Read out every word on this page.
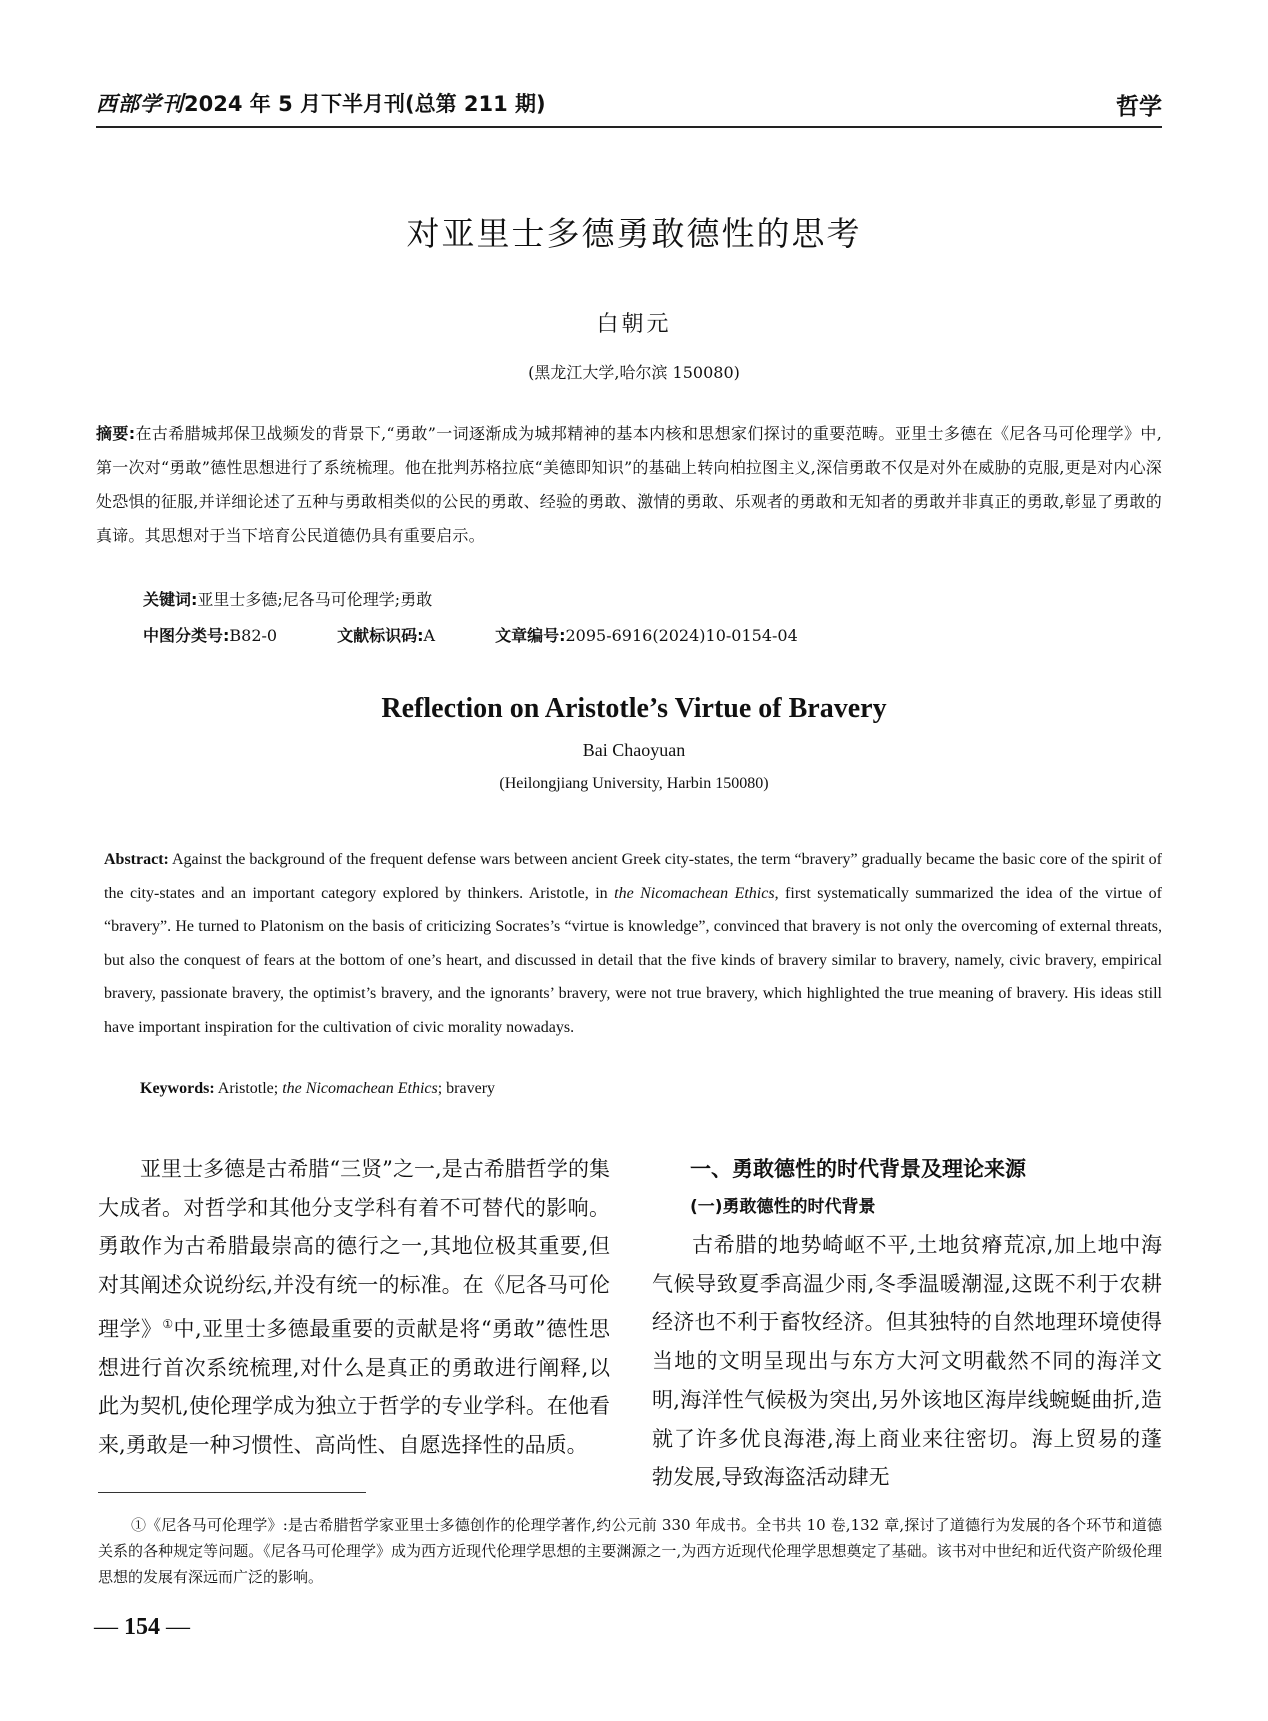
西部学刊2024 年 5 月下半月刊(总第 211 期)	哲学
对亚里士多德勇敢德性的思考
白朝元
(黑龙江大学,哈尔滨 150080)
摘要:在古希腊城邦保卫战频发的背景下,“勇敢”一词逐渐成为城邦精神的基本内核和思想家们探讨的重要范畴。亚里士多德在《尼各马可伦理学》中,第一次对“勇敢”德性思想进行了系统梳理。他在批判苏格拉底“美德即知识”的基础上转向柏拉图主义,深信勇敢不仅是对外在威胁的克服,更是对内心深处恐惧的征服,并详细论述了五种与勇敢相类似的公民的勇敢、经验的勇敢、激情的勇敢、乐观者的勇敢和无知者的勇敢并非真正的勇敢,彰显了勇敢的真谛。其思想对于当下培育公民道德仍具有重要启示。
关键词:亚里士多德;尼各马可伦理学;勇敢
中图分类号:B82-0	文献标识码:A	文章编号:2095-6916(2024)10-0154-04
Reflection on Aristotle’s Virtue of Bravery
Bai Chaoyuan
(Heilongjiang University, Harbin 150080)
Abstract: Against the background of the frequent defense wars between ancient Greek city-states, the term “bravery” gradually became the basic core of the spirit of the city-states and an important category explored by thinkers. Aristotle, in the Nicomachean Ethics, first systematically summarized the idea of the virtue of “bravery”. He turned to Platonism on the basis of criticizing Socrates’s “virtue is knowledge”, convinced that bravery is not only the overcoming of external threats, but also the conquest of fears at the bottom of one’s heart, and discussed in detail that the five kinds of bravery similar to bravery, namely, civic bravery, empirical bravery, passionate bravery, the optimist’s bravery, and the ignorants’ bravery, were not true bravery, which highlighted the true meaning of bravery. His ideas still have important inspiration for the cultivation of civic morality nowadays.
Keywords: Aristotle; the Nicomachean Ethics; bravery

亚里士多德是古希腊“三贤”之一,是古希腊哲学的集大成者。对哲学和其他分支学科有着不可替代的影响。勇敢作为古希腊最崇高的德行之一,其地位极其重要,但对其阐述众说纷纭,并没有统一的标准。在《尼各马可伦理学》①中,亚里士多德最重要的贡献是将“勇敢”德性思想进行首次系统梳理,对什么是真正的勇敢进行阐释,以此为契机,使伦理学成为独立于哲学的专业学科。在他看来,勇敢是一种习惯性、高尚性、自愿选择性的品质。

一、勇敢德性的时代背景及理论来源
(一)勇敢德性的时代背景

古希腊的地势崎岖不平,土地贫瘠荒凉,加上地中海气候导致夏季高温少雨,冬季温暖潮湿,这既不利于农耕经济也不利于畜牧经济。但其独特的自然地理环境使得当地的文明呈现出与东方大河文明截然不同的海洋文明,海洋性气候极为突出,另外该地区海岸线蜿蜒曲折,造就了许多优良海港,海上商业来往密切。海上贸易的蓬勃发展,导致海盗活动肆无

①《尼各马可伦理学》:是古希腊哲学家亚里士多德创作的伦理学著作,约公元前 330 年成书。全书共 10 卷,132 章,探讨了道德行为发展的各个环节和道德关系的各种规定等问题。《尼各马可伦理学》成为西方近现代伦理学思想的主要渊源之一,为西方近现代伦理学思想奠定了基础。该书对中世纪和近代资产阶级伦理思想的发展有深远而广泛的影响。
— 154 —
